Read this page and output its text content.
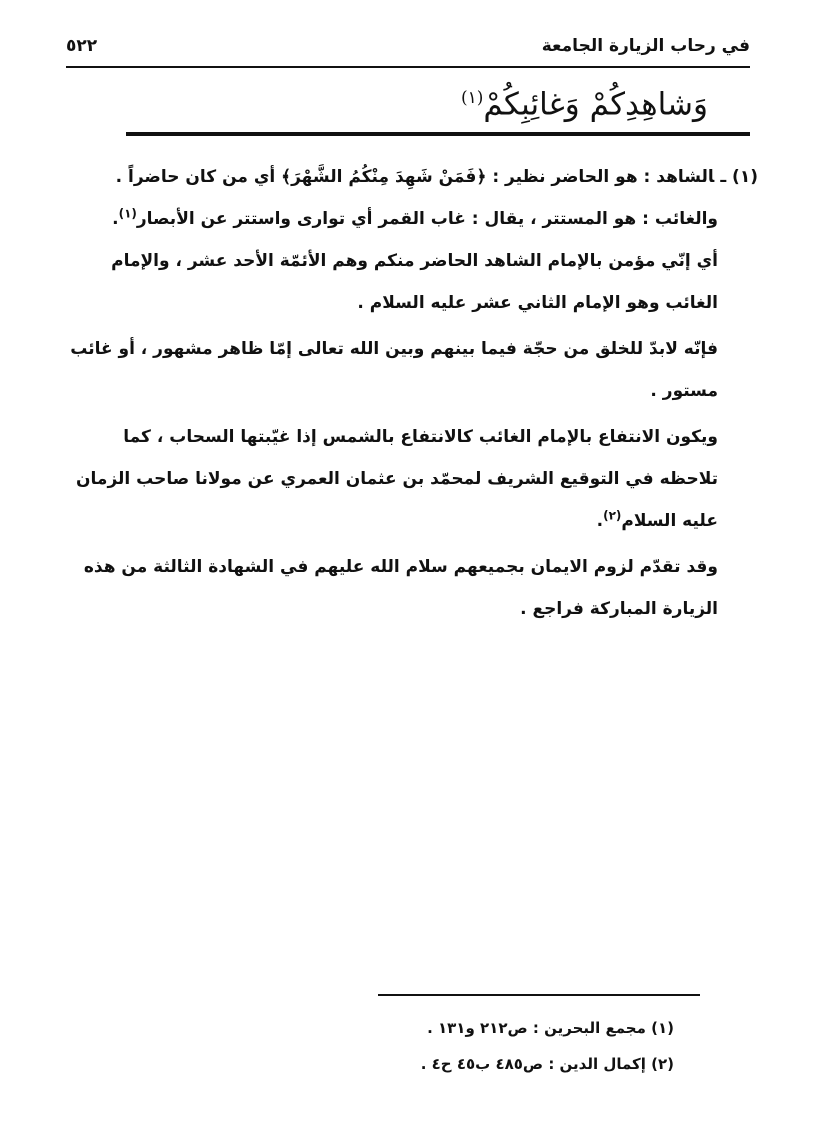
في رحاب الزيارة الجامعة
٥٢٢
وَشاهِدِكُمْ وَغائِبِكُمْ$^{(١)}$

(١) ـالشاهد : هو الحاضر نظير : ﴿فَمَنْ شَهِدَ مِنْكُمُ الشَّهْرَ﴾ أي من كان حاضراً .

والغائب : هو المستتر ، يقال : غاب القمر أي توارى واستتر عن الأبصار$^{(١)}$.

أي إنّي مؤمن بالإمام الشاهد الحاضر منكم وهم الأئمّة الأحد عشر ، والإمام الغائب وهو الإمام الثاني عشر عليه السلام .

فإنّه لابدّ للخلق من حجّة فيما بينهم وبين الله تعالى إمّا ظاهر مشهور ، أو غائب مستور .

ويكون الانتفاع بالإمام الغائب كالانتفاع بالشمس إذا غيّبتها السحاب ، كما تلاحظه في التوقيع الشريف لمحمّد بن عثمان العمري عن مولانا صاحب الزمان عليه السلام$^{(٢)}$.

وقد تقدّم لزوم الايمان بجميعهم سلام الله عليهم في الشهادة الثالثة من هذه الزيارة المباركة فراجع .

(١) مجمع البحرين : ص٢١٢ و١٣١ .

(٢) إكمال الدين : ص٤٨٥ ب٤٥ ح٤ .
